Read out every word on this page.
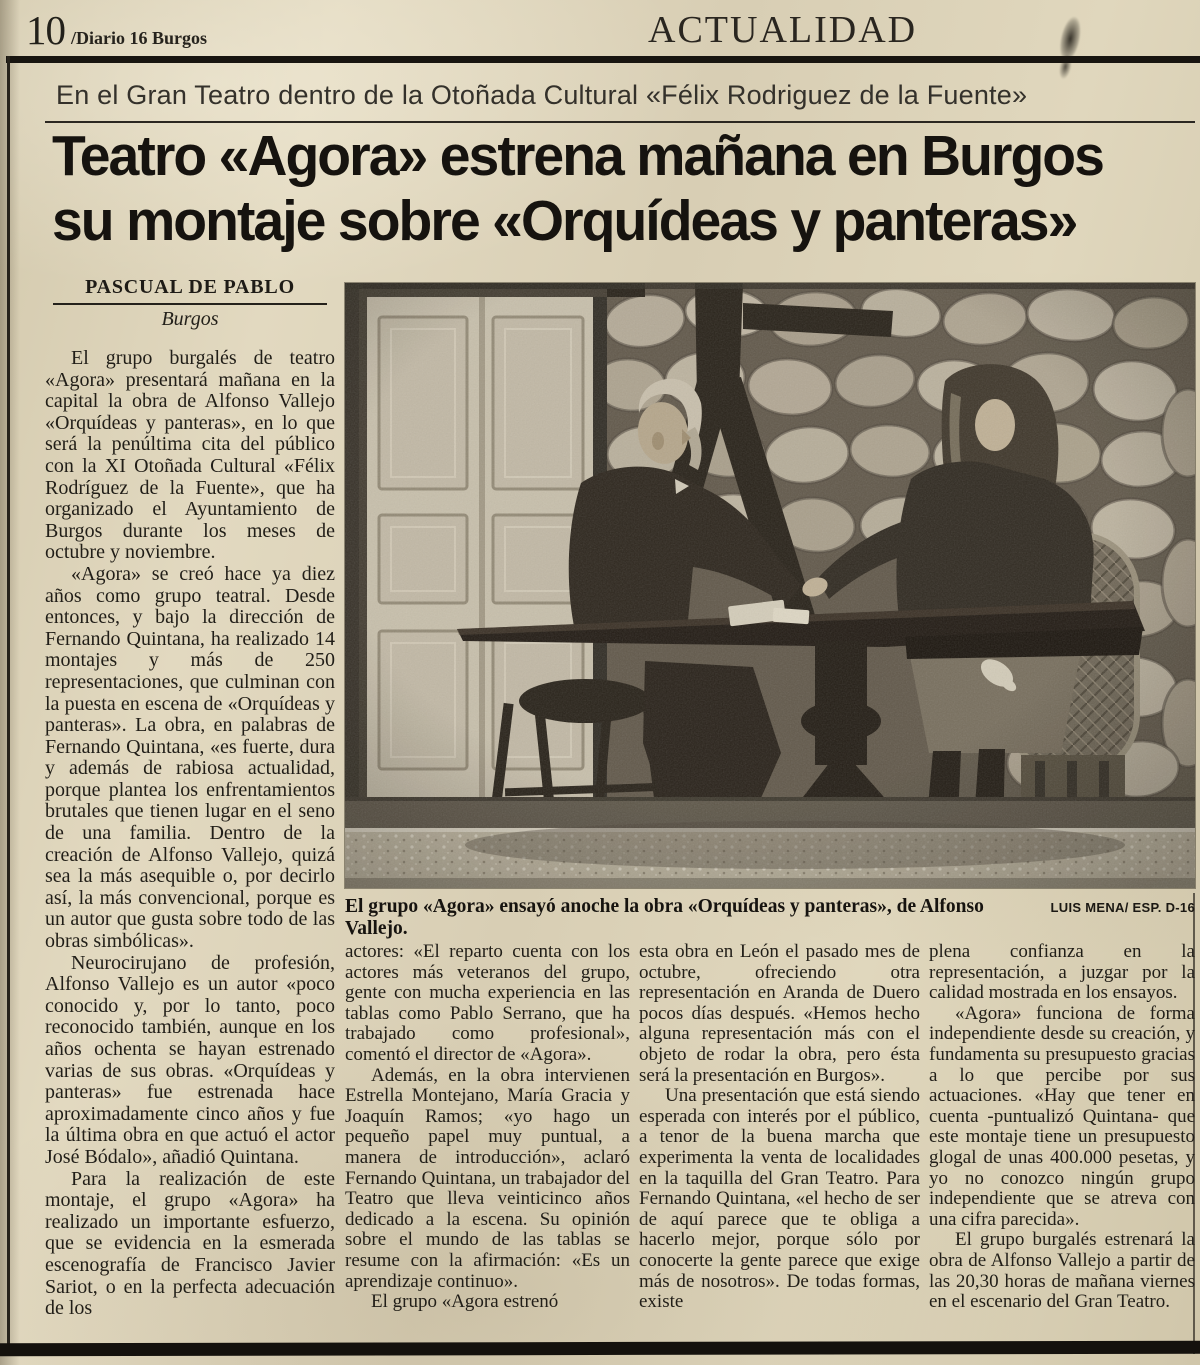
10 /Diario 16 Burgos	ACTUALIDAD
En el Gran Teatro dentro de la Otoñada Cultural «Félix Rodriguez de la Fuente»
Teatro «Agora» estrena mañana en Burgos
su montaje sobre «Orquídeas y panteras»
PASCUAL DE PABLO
Burgos

El grupo burgalés de teatro «Agora» presentará mañana en la capital la obra de Alfonso Vallejo «Orquídeas y panteras», en lo que será la penúltima cita del público con la XI Otoñada Cultural «Félix Rodríguez de la Fuente», que ha organizado el Ayuntamiento de Burgos durante los meses de octubre y noviembre.

«Agora» se creó hace ya diez años como grupo teatral. Desde entonces, y bajo la dirección de Fernando Quintana, ha realizado 14 montajes y más de 250 representaciones, que culminan con la puesta en escena de «Orquídeas y panteras». La obra, en palabras de Fernando Quintana, «es fuerte, dura y además de rabiosa actualidad, porque plantea los enfrentamientos brutales que tienen lugar en el seno de una familia. Dentro de la creación de Alfonso Vallejo, quizá sea la más asequible o, por decirlo así, la más convencional, porque es un autor que gusta sobre todo de las obras simbólicas».

Neurocirujano de profesión, Alfonso Vallejo es un autor «poco conocido y, por lo tanto, poco reconocido también, aunque en los años ochenta se hayan estrenado varias de sus obras. «Orquídeas y panteras» fue estrenada hace aproximadamente cinco años y fue la última obra en que actuó el actor José Bódalo», añadió Quintana.

Para la realización de este montaje, el grupo «Agora» ha realizado un importante esfuerzo, que se evidencia en la esmerada escenografía de Francisco Javier Sariot, o en la perfecta adecuación de los

El grupo «Agora» ensayó anoche la obra «Orquídeas y panteras», de Alfonso Vallejo.
LUIS MENA/ ESP. D-16

actores: «El reparto cuenta con los actores más veteranos del grupo, gente con mucha experiencia en las tablas como Pablo Serrano, que ha trabajado como profesional», comentó el director de «Agora».

Además, en la obra intervienen Estrella Montejano, María Gracia y Joaquín Ramos; «yo hago un pequeño papel muy puntual, a manera de introducción», aclaró Fernando Quintana, un trabajador del Teatro que lleva veinticinco años dedicado a la escena. Su opinión sobre el mundo de las tablas se resume con la afirmación: «Es un aprendizaje continuo».

El grupo «Agora estrenó

esta obra en León el pasado mes de octubre, ofreciendo otra representación en Aranda de Duero pocos días después. «Hemos hecho alguna representación más con el objeto de rodar la obra, pero ésta será la presentación en Burgos».

Una presentación que está siendo esperada con interés por el público, a tenor de la buena marcha que experimenta la venta de localidades en la taquilla del Gran Teatro. Para Fernando Quintana, «el hecho de ser de aquí parece que te obliga a hacerlo mejor, porque sólo por conocerte la gente parece que exige más de nosotros». De todas formas, existe

plena confianza en la representación, a juzgar por la calidad mostrada en los ensayos.

«Agora» funciona de forma independiente desde su creación, y fundamenta su presupuesto gracias a lo que percibe por sus actuaciones. «Hay que tener en cuenta -puntualizó Quintana- que este montaje tiene un presupuesto glogal de unas 400.000 pesetas, y yo no conozco ningún grupo independiente que se atreva con una cifra parecida».

El grupo burgalés estrenará la obra de Alfonso Vallejo a partir de las 20,30 horas de mañana viernes en el escenario del Gran Teatro.
